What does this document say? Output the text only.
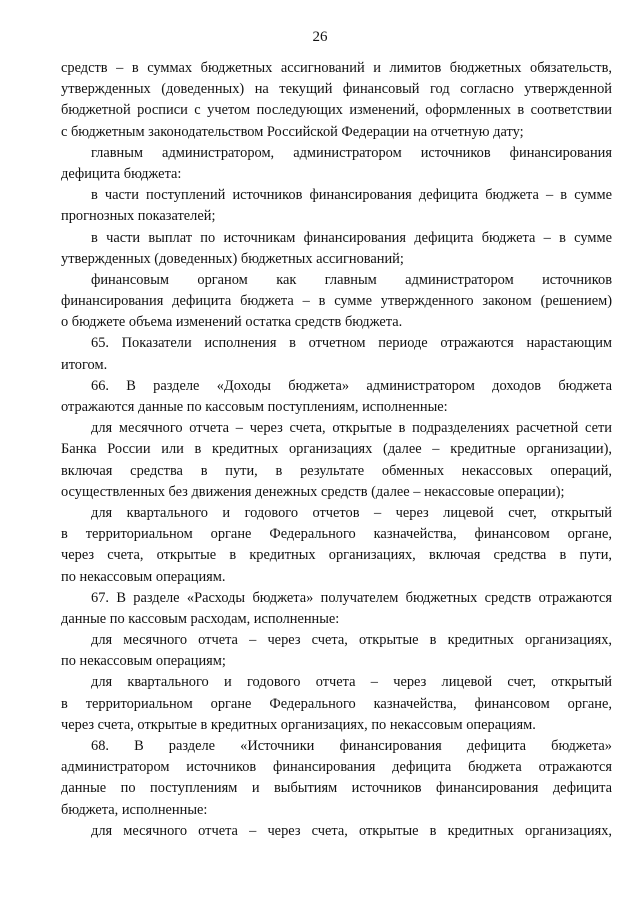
26
средств – в суммах бюджетных ассигнований и лимитов бюджетных обязательств,
утвержденных (доведенных) на текущий финансовый год согласно утвержденной
бюджетной росписи с учетом последующих изменений, оформленных в соответствии
с бюджетным законодательством Российской Федерации на отчетную дату;
главным администратором, администратором источников финансирования
дефицита бюджета:
в части поступлений источников финансирования дефицита бюджета – в сумме
прогнозных показателей;
в части выплат по источникам финансирования дефицита бюджета – в сумме
утвержденных (доведенных) бюджетных ассигнований;
финансовым органом как главным администратором источников
финансирования дефицита бюджета – в сумме утвержденного законом (решением)
о бюджете объема изменений остатка средств бюджета.
65. Показатели исполнения в отчетном периоде отражаются нарастающим
итогом.
66. В разделе «Доходы бюджета» администратором доходов бюджета
отражаются данные по кассовым поступлениям, исполненные:
для месячного отчета – через счета, открытые в подразделениях расчетной сети
Банка России или в кредитных организациях (далее – кредитные организации),
включая средства в пути, в результате обменных некассовых операций,
осуществленных без движения денежных средств (далее – некассовые операции);
для квартального и годового отчетов – через лицевой счет, открытый
в территориальном органе Федерального казначейства, финансовом органе,
через счета, открытые в кредитных организациях, включая средства в пути,
по некассовым операциям.
67. В разделе «Расходы бюджета» получателем бюджетных средств отражаются
данные по кассовым расходам, исполненные:
для месячного отчета – через счета, открытые в кредитных организациях,
по некассовым операциям;
для квартального и годового отчета – через лицевой счет, открытый
в территориальном органе Федерального казначейства, финансовом органе,
через счета, открытые в кредитных организациях, по некассовым операциям.
68. В разделе «Источники финансирования дефицита бюджета»
администратором источников финансирования дефицита бюджета отражаются
данные по поступлениям и выбытиям источников финансирования дефицита
бюджета, исполненные:
для месячного отчета – через счета, открытые в кредитных организациях,
